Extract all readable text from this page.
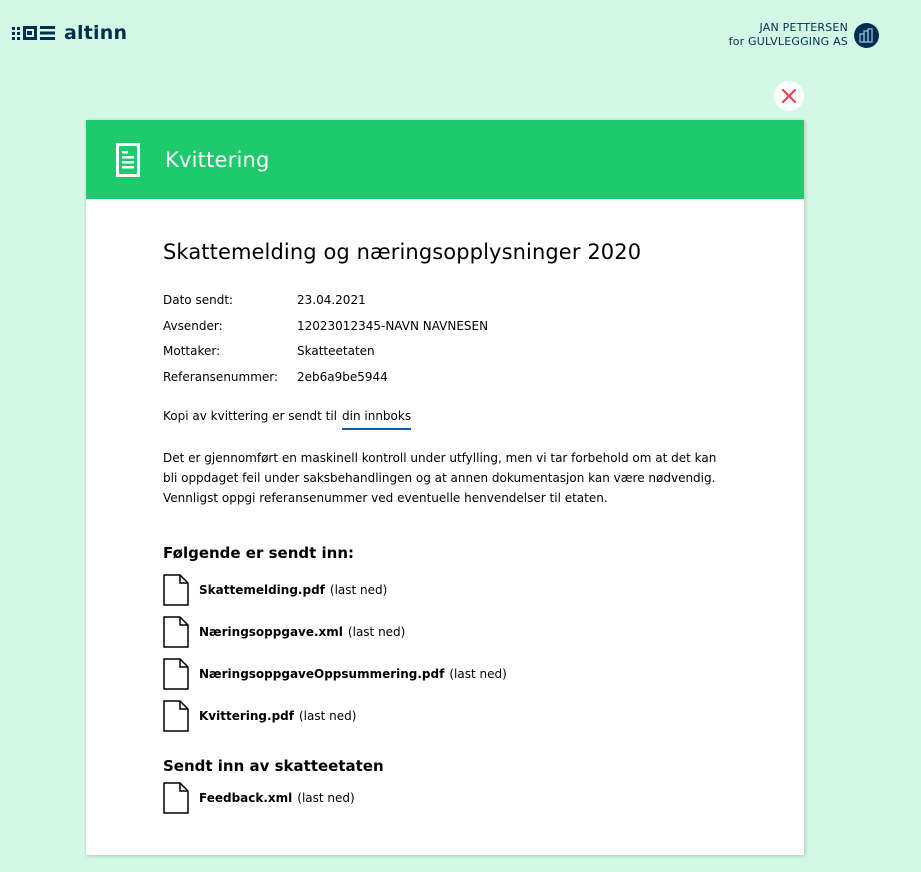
altinn	JAN PETTERSEN
for GULVLEGGING AS
Kvittering
Skattemelding og næringsopplysninger 2020
Dato sendt:	23.04.2021
Avsender:	12023012345-NAVN NAVNESEN
Mottaker:	Skatteetaten
Referansenummer:	2eb6a9be5944
Kopi av kvittering er sendt til din innboks
Det er gjennomført en maskinell kontroll under utfylling, men vi tar forbehold om at det kan bli oppdaget feil under saksbehandlingen og at annen dokumentasjon kan være nødvendig. Vennligst oppgi referansenummer ved eventuelle henvendelser til etaten.
Følgende er sendt inn:
Skattemelding.pdf (last ned)
Næringsoppgave.xml (last ned)
NæringsoppgaveOppsummering.pdf (last ned)
Kvittering.pdf (last ned)
Sendt inn av skatteetaten
Feedback.xml (last ned)
